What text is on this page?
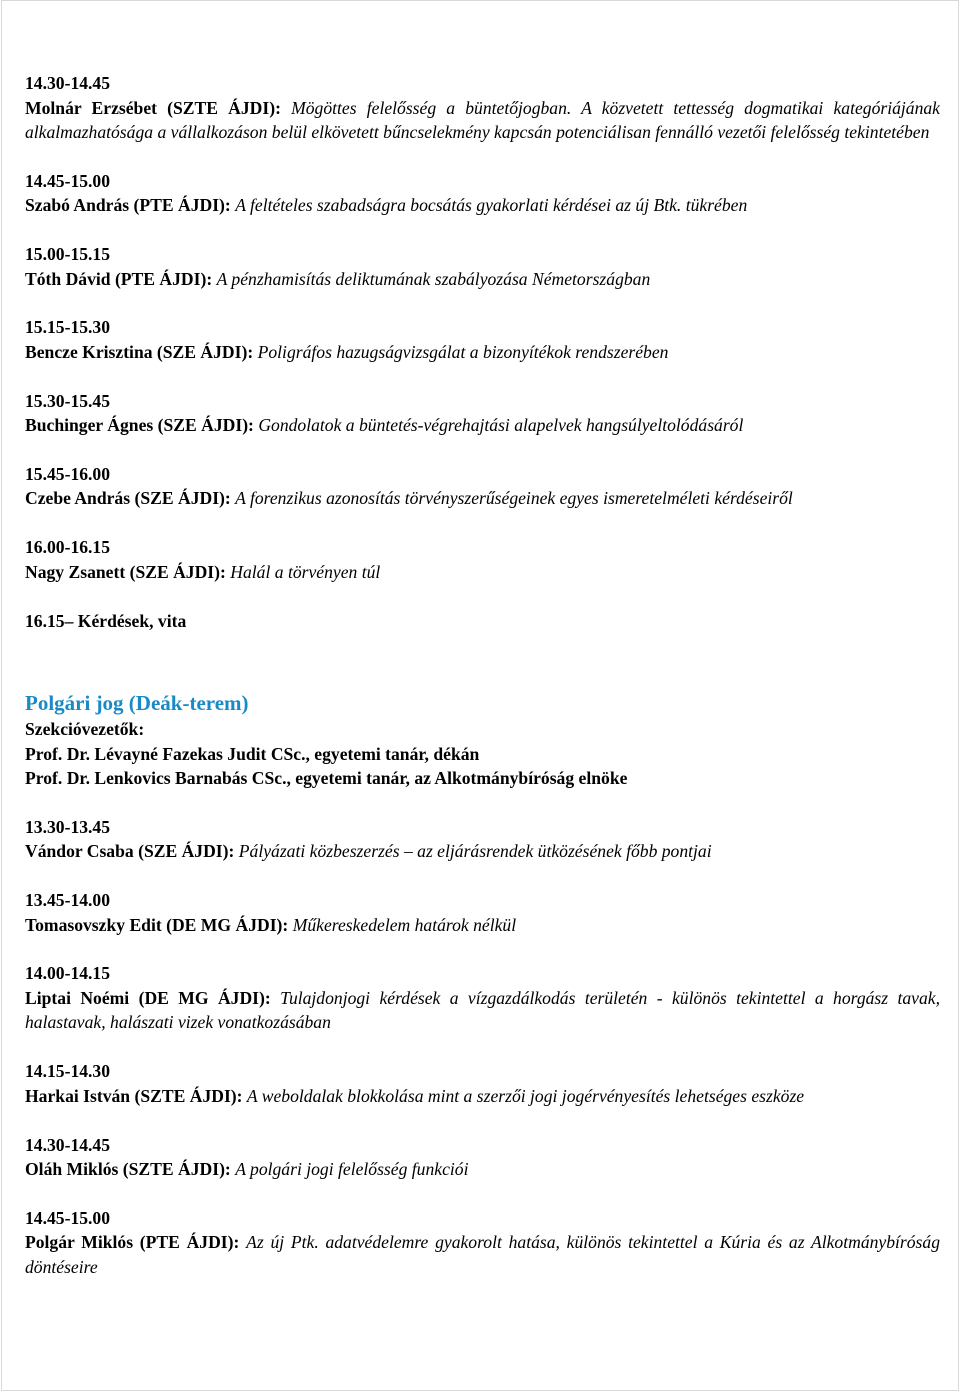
14.30-14.45
Molnár Erzsébet (SZTE ÁJDI): Mögöttes felelősség a büntetőjogban. A közvetett tettesség dogmatikai kategóriájának alkalmazhatósága a vállalkozáson belül elkövetett bűncselekmény kapcsán potenciálisan fennálló vezetői felelősség tekintetében
14.45-15.00
Szabó András (PTE ÁJDI): A feltételes szabadságra bocsátás gyakorlati kérdései az új Btk. tükrében
15.00-15.15
Tóth Dávid (PTE ÁJDI): A pénzhamisítás deliktumának szabályozása Németországban
15.15-15.30
Bencze Krisztina (SZE ÁJDI): Poligráfos hazugságvizsgálat a bizonyítékok rendszerében
15.30-15.45
Buchinger Ágnes (SZE ÁJDI): Gondolatok a büntetés-végrehajtási alapelvek hangsúlyeltolódásáról
15.45-16.00
Czebe András (SZE ÁJDI): A forenzikus azonosítás törvényszerűségeinek egyes ismeretelméleti kérdéseiről
16.00-16.15
Nagy Zsanett (SZE ÁJDI): Halál a törvényen túl
16.15– Kérdések, vita
Polgári jog (Deák-terem)
Szekcióvezetők:
Prof. Dr. Lévayné Fazekas Judit CSc., egyetemi tanár, dékán
Prof. Dr. Lenkovics Barnabás CSc., egyetemi tanár, az Alkotmánybíróság elnöke
13.30-13.45
Vándor Csaba (SZE ÁJDI): Pályázati közbeszerzés – az eljárásrendek ütközésének főbb pontjai
13.45-14.00
Tomasovszky Edit (DE MG ÁJDI): Műkereskedelem határok nélkül
14.00-14.15
Liptai Noémi (DE MG ÁJDI): Tulajdonjogi kérdések a vízgazdálkodás területén - különös tekintettel a horgász tavak, halastavak, halászati vizek vonatkozásában
14.15-14.30
Harkai István (SZTE ÁJDI): A weboldalak blokkolása mint a szerzői jogi jogérvényesítés lehetséges eszköze
14.30-14.45
Oláh Miklós (SZTE ÁJDI): A polgári jogi felelősség funkciói
14.45-15.00
Polgár Miklós (PTE ÁJDI): Az új Ptk. adatvédelemre gyakorolt hatása, különös tekintettel a Kúria és az Alkotmánybíróság döntéseire
